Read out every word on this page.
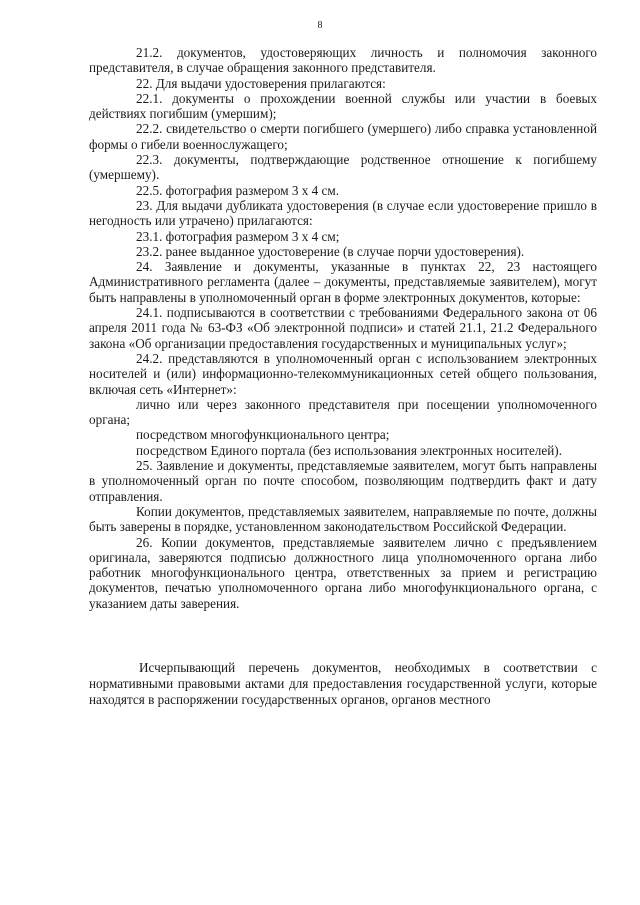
8

21.2. документов, удостоверяющих личность и полномочия законного представителя, в случае обращения законного представителя.

22. Для выдачи удостоверения прилагаются:

22.1. документы о прохождении военной службы или участии в боевых действиях погибшим (умершим);

22.2. свидетельство о смерти погибшего (умершего) либо справка установленной формы о гибели военнослужащего;

22.3. документы, подтверждающие родственное отношение к погибшему (умершему).

22.5. фотография размером 3 х 4 см.

23. Для выдачи дубликата удостоверения (в случае если удостоверение пришло в негодность или утрачено) прилагаются:

23.1. фотография размером 3 х 4 см;

23.2. ранее выданное удостоверение (в случае порчи удостоверения).

24. Заявление и документы, указанные в пунктах 22, 23 настоящего Административного регламента (далее – документы, представляемые заявителем), могут быть направлены в уполномоченный орган в форме электронных документов, которые:

24.1. подписываются в соответствии с требованиями Федерального закона от 06 апреля 2011 года № 63-ФЗ «Об электронной подписи» и статей 21.1, 21.2 Федерального закона «Об организации предоставления государственных и муниципальных услуг»;

24.2. представляются в уполномоченный орган с использованием электронных носителей и (или) информационно-телекоммуникационных сетей общего пользования, включая сеть «Интернет»:

лично или через законного представителя при посещении уполномоченного органа;

посредством многофункционального центра;

посредством Единого портала (без использования электронных носителей).

25. Заявление и документы, представляемые заявителем, могут быть направлены в уполномоченный орган по почте способом, позволяющим подтвердить факт и дату отправления.

Копии документов, представляемых заявителем, направляемые по почте, должны быть заверены в порядке, установленном законодательством Российской Федерации.

26. Копии документов, представляемые заявителем лично с предъявлением оригинала, заверяются подписью должностного лица уполномоченного органа либо работник многофункционального центра, ответственных за прием и регистрацию документов, печатью уполномоченного органа либо многофункционального органа, с указанием даты заверения.

Исчерпывающий перечень документов, необходимых в соответствии с нормативными правовыми актами для предоставления государственной услуги, которые находятся в распоряжении государственных органов, органов местного
